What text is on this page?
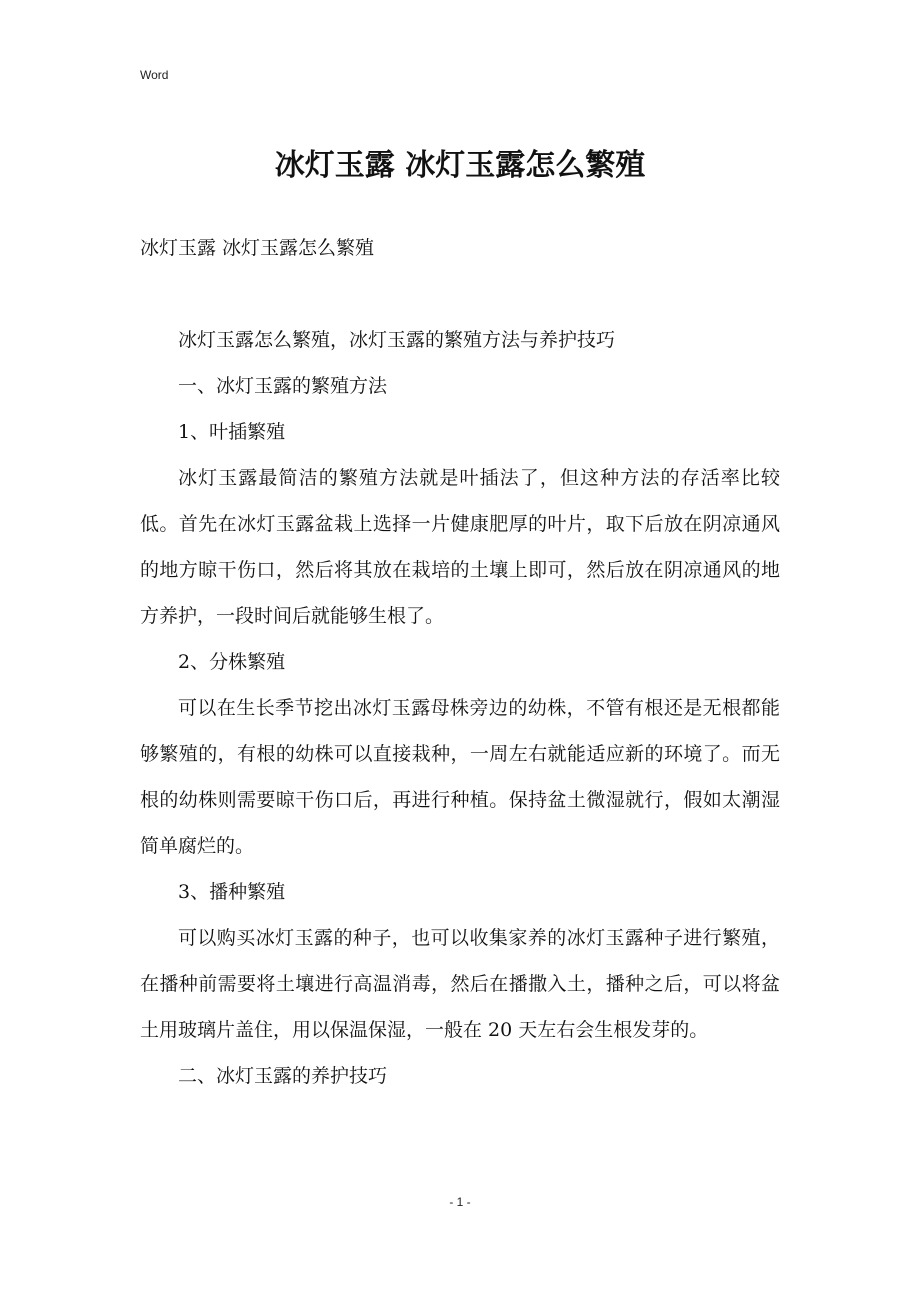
Word
冰灯玉露 冰灯玉露怎么繁殖

冰灯玉露 冰灯玉露怎么繁殖

冰灯玉露怎么繁殖，冰灯玉露的繁殖方法与养护技巧

一、冰灯玉露的繁殖方法

1、叶插繁殖

冰灯玉露最简洁的繁殖方法就是叶插法了，但这种方法的存活率比较低。首先在冰灯玉露盆栽上选择一片健康肥厚的叶片，取下后放在阴凉通风的地方晾干伤口，然后将其放在栽培的土壤上即可，然后放在阴凉通风的地方养护，一段时间后就能够生根了。

2、分株繁殖

可以在生长季节挖出冰灯玉露母株旁边的幼株，不管有根还是无根都能够繁殖的，有根的幼株可以直接栽种，一周左右就能适应新的环境了。而无根的幼株则需要晾干伤口后，再进行种植。保持盆土微湿就行，假如太潮湿简单腐烂的。

3、播种繁殖

可以购买冰灯玉露的种子，也可以收集家养的冰灯玉露种子进行繁殖，在播种前需要将土壤进行高温消毒，然后在播撒入土，播种之后，可以将盆土用玻璃片盖住，用以保温保湿，一般在 20 天左右会生根发芽的。

二、冰灯玉露的养护技巧

- 1 -
